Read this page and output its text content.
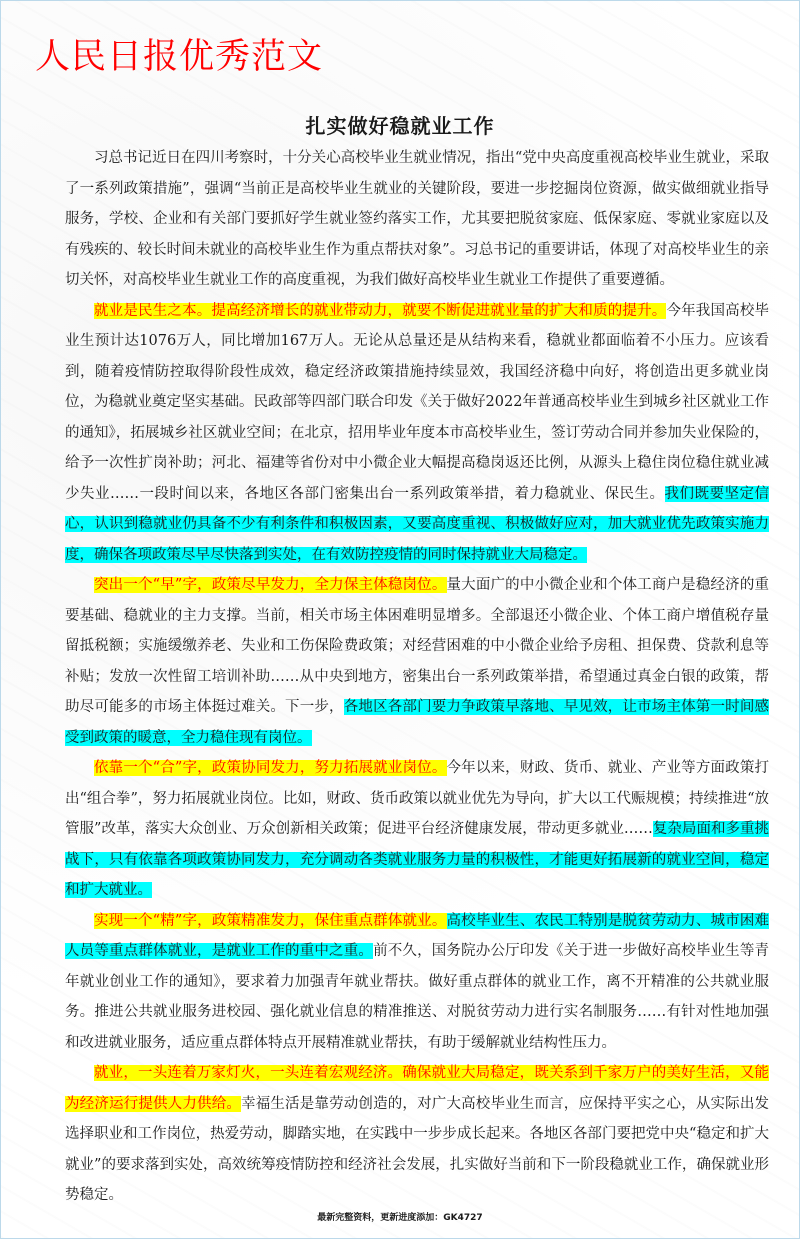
人民日报优秀范文
扎实做好稳就业工作

习总书记近日在四川考察时，十分关心高校毕业生就业情况，指出“党中央高度重视高校毕业生就业，采取了一系列政策措施”，强调“当前正是高校毕业生就业的关键阶段，要进一步挖掘岗位资源，做实做细就业指导服务，学校、企业和有关部门要抓好学生就业签约落实工作，尤其要把脱贫家庭、低保家庭、零就业家庭以及有残疾的、较长时间未就业的高校毕业生作为重点帮扶对象”。习总书记的重要讲话，体现了对高校毕业生的亲切关怀，对高校毕业生就业工作的高度重视，为我们做好高校毕业生就业工作提供了重要遵循。

就业是民生之本。提高经济增长的就业带动力，就要不断促进就业量的扩大和质的提升。今年我国高校毕业生预计达1076万人，同比增加167万人。无论从总量还是从结构来看，稳就业都面临着不小压力。应该看到，随着疫情防控取得阶段性成效，稳定经济政策措施持续显效，我国经济稳中向好，将创造出更多就业岗位，为稳就业奠定坚实基础。民政部等四部门联合印发《关于做好2022年普通高校毕业生到城乡社区就业工作的通知》，拓展城乡社区就业空间；在北京，招用毕业年度本市高校毕业生，签订劳动合同并参加失业保险的，给予一次性扩岗补助；河北、福建等省份对中小微企业大幅提高稳岗返还比例，从源头上稳住岗位稳住就业减少失业……一段时间以来，各地区各部门密集出台一系列政策举措，着力稳就业、保民生。我们既要坚定信心，认识到稳就业仍具备不少有利条件和积极因素，又要高度重视、积极做好应对，加大就业优先政策实施力度，确保各项政策尽早尽快落到实处，在有效防控疫情的同时保持就业大局稳定。

突出一个“早”字，政策尽早发力，全力保主体稳岗位。量大面广的中小微企业和个体工商户是稳经济的重要基础、稳就业的主力支撑。当前，相关市场主体困难明显增多。全部退还小微企业、个体工商户增值税存量留抵税额；实施缓缴养老、失业和工伤保险费政策；对经营困难的中小微企业给予房租、担保费、贷款利息等补贴；发放一次性留工培训补助……从中央到地方，密集出台一系列政策举措，希望通过真金白银的政策，帮助尽可能多的市场主体挺过难关。下一步，各地区各部门要力争政策早落地、早见效，让市场主体第一时间感受到政策的暖意，全力稳住现有岗位。

依靠一个“合”字，政策协同发力，努力拓展就业岗位。今年以来，财政、货币、就业、产业等方面政策打出“组合拳”，努力拓展就业岗位。比如，财政、货币政策以就业优先为导向，扩大以工代赈规模；持续推进“放管服”改革，落实大众创业、万众创新相关政策；促进平台经济健康发展，带动更多就业……复杂局面和多重挑战下，只有依靠各项政策协同发力，充分调动各类就业服务力量的积极性，才能更好拓展新的就业空间，稳定和扩大就业。

实现一个“精”字，政策精准发力，保住重点群体就业。高校毕业生、农民工特别是脱贫劳动力、城市困难人员等重点群体就业，是就业工作的重中之重。前不久，国务院办公厅印发《关于进一步做好高校毕业生等青年就业创业工作的通知》，要求着力加强青年就业帮扶。做好重点群体的就业工作，离不开精准的公共就业服务。推进公共就业服务进校园、强化就业信息的精准推送、对脱贫劳动力进行实名制服务……有针对性地加强和改进就业服务，适应重点群体特点开展精准就业帮扶，有助于缓解就业结构性压力。

就业，一头连着万家灯火，一头连着宏观经济。确保就业大局稳定，既关系到千家万户的美好生活，又能为经济运行提供人力供给。幸福生活是靠劳动创造的，对广大高校毕业生而言，应保持平实之心，从实际出发选择职业和工作岗位，热爱劳动，脚踏实地，在实践中一步步成长起来。各地区各部门要把党中央“稳定和扩大就业”的要求落到实处，高效统筹疫情防控和经济社会发展，扎实做好当前和下一阶段稳就业工作，确保就业形势稳定。

最新完整资料，更新进度添加：GK4727
